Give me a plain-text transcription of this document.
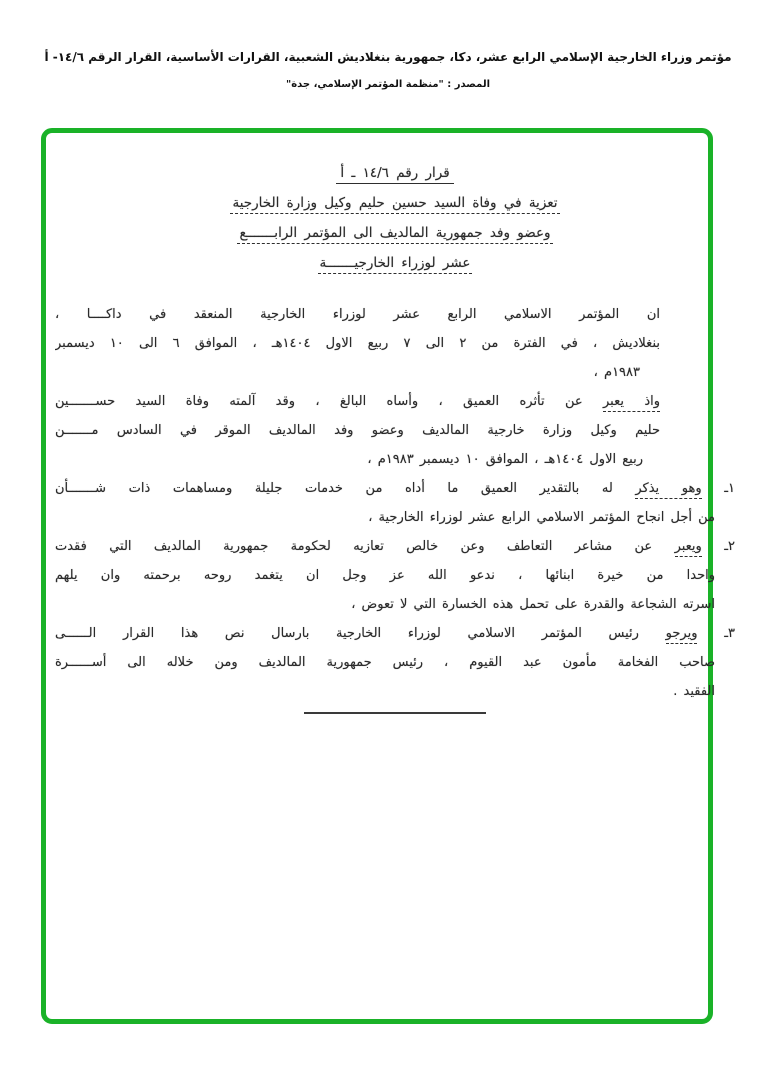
مؤتمر وزراء الخارجية الإسلامي الرابع عشر، دكا، جمهورية بنغلاديش الشعبية، القرارات الأساسية، القرار الرقم ١٤/٦- أ
المصدر : "منظمة المؤتمر الإسلامي، جدة"
قرار رقم ١٤/٦ ـ أ
تعزية في وفاة السيد حسين حليم وكيل وزارة الخارجية
وعضو وفد جمهورية المالديف الى المؤتمر الرابـــــــع
عشر لوزراء الخارجيـــــــة
ان المؤتمر الاسلامي الرابع عشر لوزراء الخارجية المنعقد في داكــــا ،
بنغلاديش ، في الفترة من ٢ الى ٧ ربيع الاول ١٤٠٤هـ ، الموافق ٦ الى ١٠ ديسمبر
١٩٨٣م ،
واذ يعبر عن تأثره العميق ، وأساه البالغ ، وقد آلمته وفاة السيد حســـــــين
حليم وكيل وزارة خارجية المالديف وعضو وفد المالديف الموقر في السادس مـــــــن
ربيع الاول ١٤٠٤هـ ، الموافق ١٠ ديسمبر ١٩٨٣م ،
١ـ وهو يذكر له بالتقدير العميق ما أداه من خدمات جليلة ومساهمات ذات شـــــــأن
من أجل انجاح المؤتمر الاسلامي الرابع عشر لوزراء الخارجية ،
٢ـ ويعبر عن مشاعر التعاطف وعن خالص تعازيه لحكومة جمهورية المالديف التي فقدت
واحدا من خيرة ابنائها ، ندعو الله عز وجل ان يتغمد روحه برحمته وان يلهم
اسرته الشجاعة والقدرة على تحمل هذه الخسارة التي لا تعوض ،
٣ـ ويرجو رئيس المؤتمر الاسلامي لوزراء الخارجية بارسال نص هذا القرار الــــــى
صاحب الفخامة مأمون عبد القيوم ، رئيس جمهورية المالديف ومن خلاله الى أســــــرة
الفقيد .
